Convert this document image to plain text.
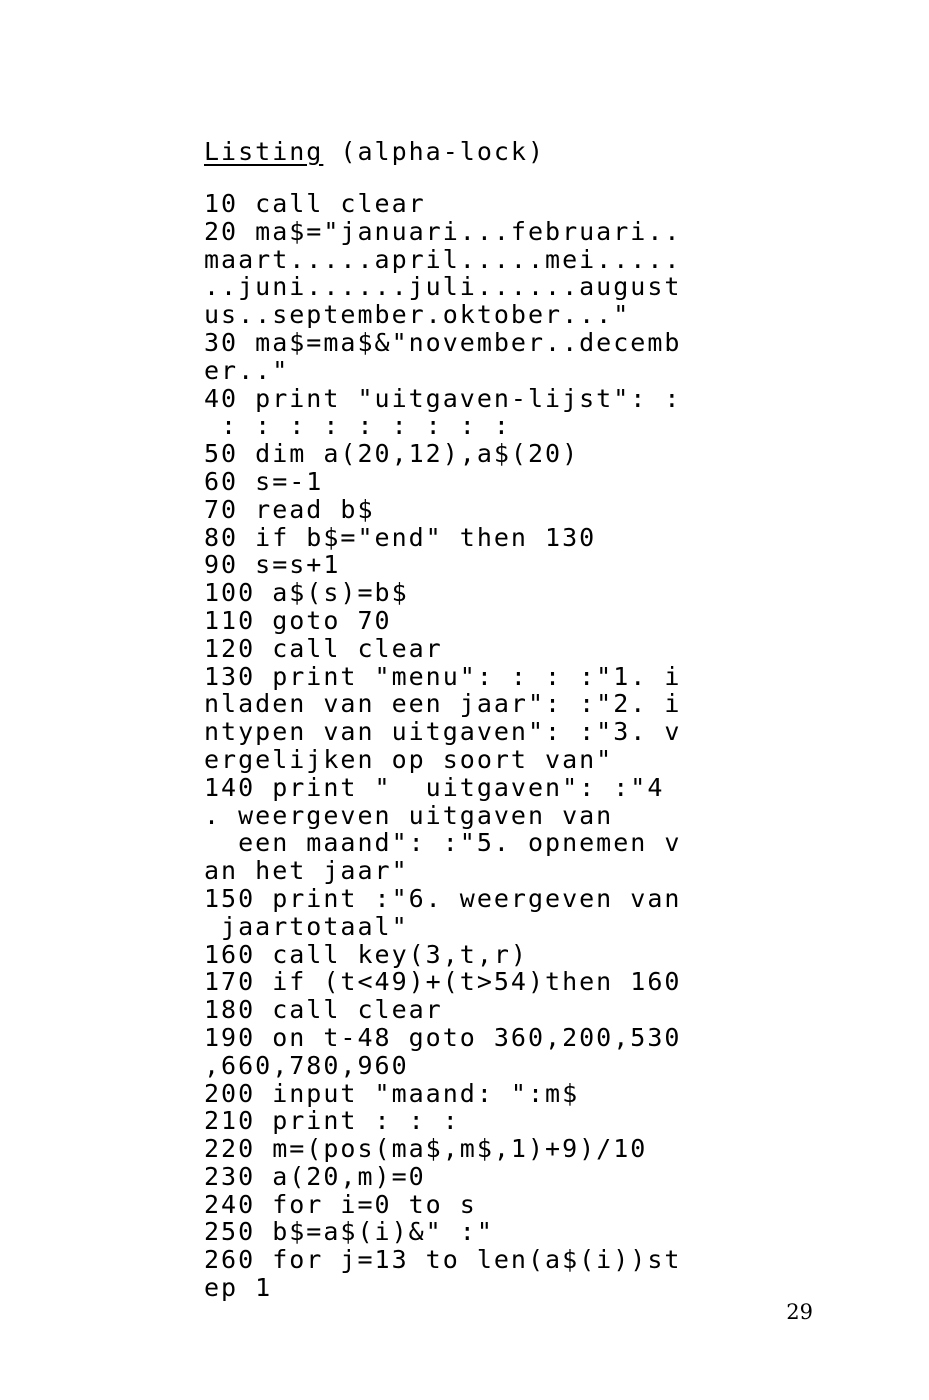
Listing (alpha-lock)

10 call clear
20 ma$="januari...februari..
maart.....april.....mei.....
..juni......juli......august
us..september.oktober..."
30 ma$=ma$&"november..decemb
er.."
40 print "uitgaven-lijst": :
: : : : : : : : :
50 dim a(20,12),a$(20)
60 s=-1
70 read b$
80 if b$="end" then 130
90 s=s+1
100 a$(s)=b$
110 goto 70
120 call clear
130 print "menu": : : :"1. i
nladen van een jaar": :"2. i
ntypen van uitgaven": :"3. v
ergelijken op soort van"
140 print "  uitgaven": :"4
. weergeven uitgaven van
een maand": :"5. opnemen v
an het jaar"
150 print :"6. weergeven van
jaartotaal"
160 call key(3,t,r)
170 if (t<49)+(t>54)then 160
180 call clear
190 on t-48 goto 360,200,530
,660,780,960
200 input "maand: ":m$
210 print : : :
220 m=(pos(ma$,m$,1)+9)/10
230 a(20,m)=0
240 for i=0 to s
250 b$=a$(i)&" :"
260 for j=13 to len(a$(i))st
ep 1

29
